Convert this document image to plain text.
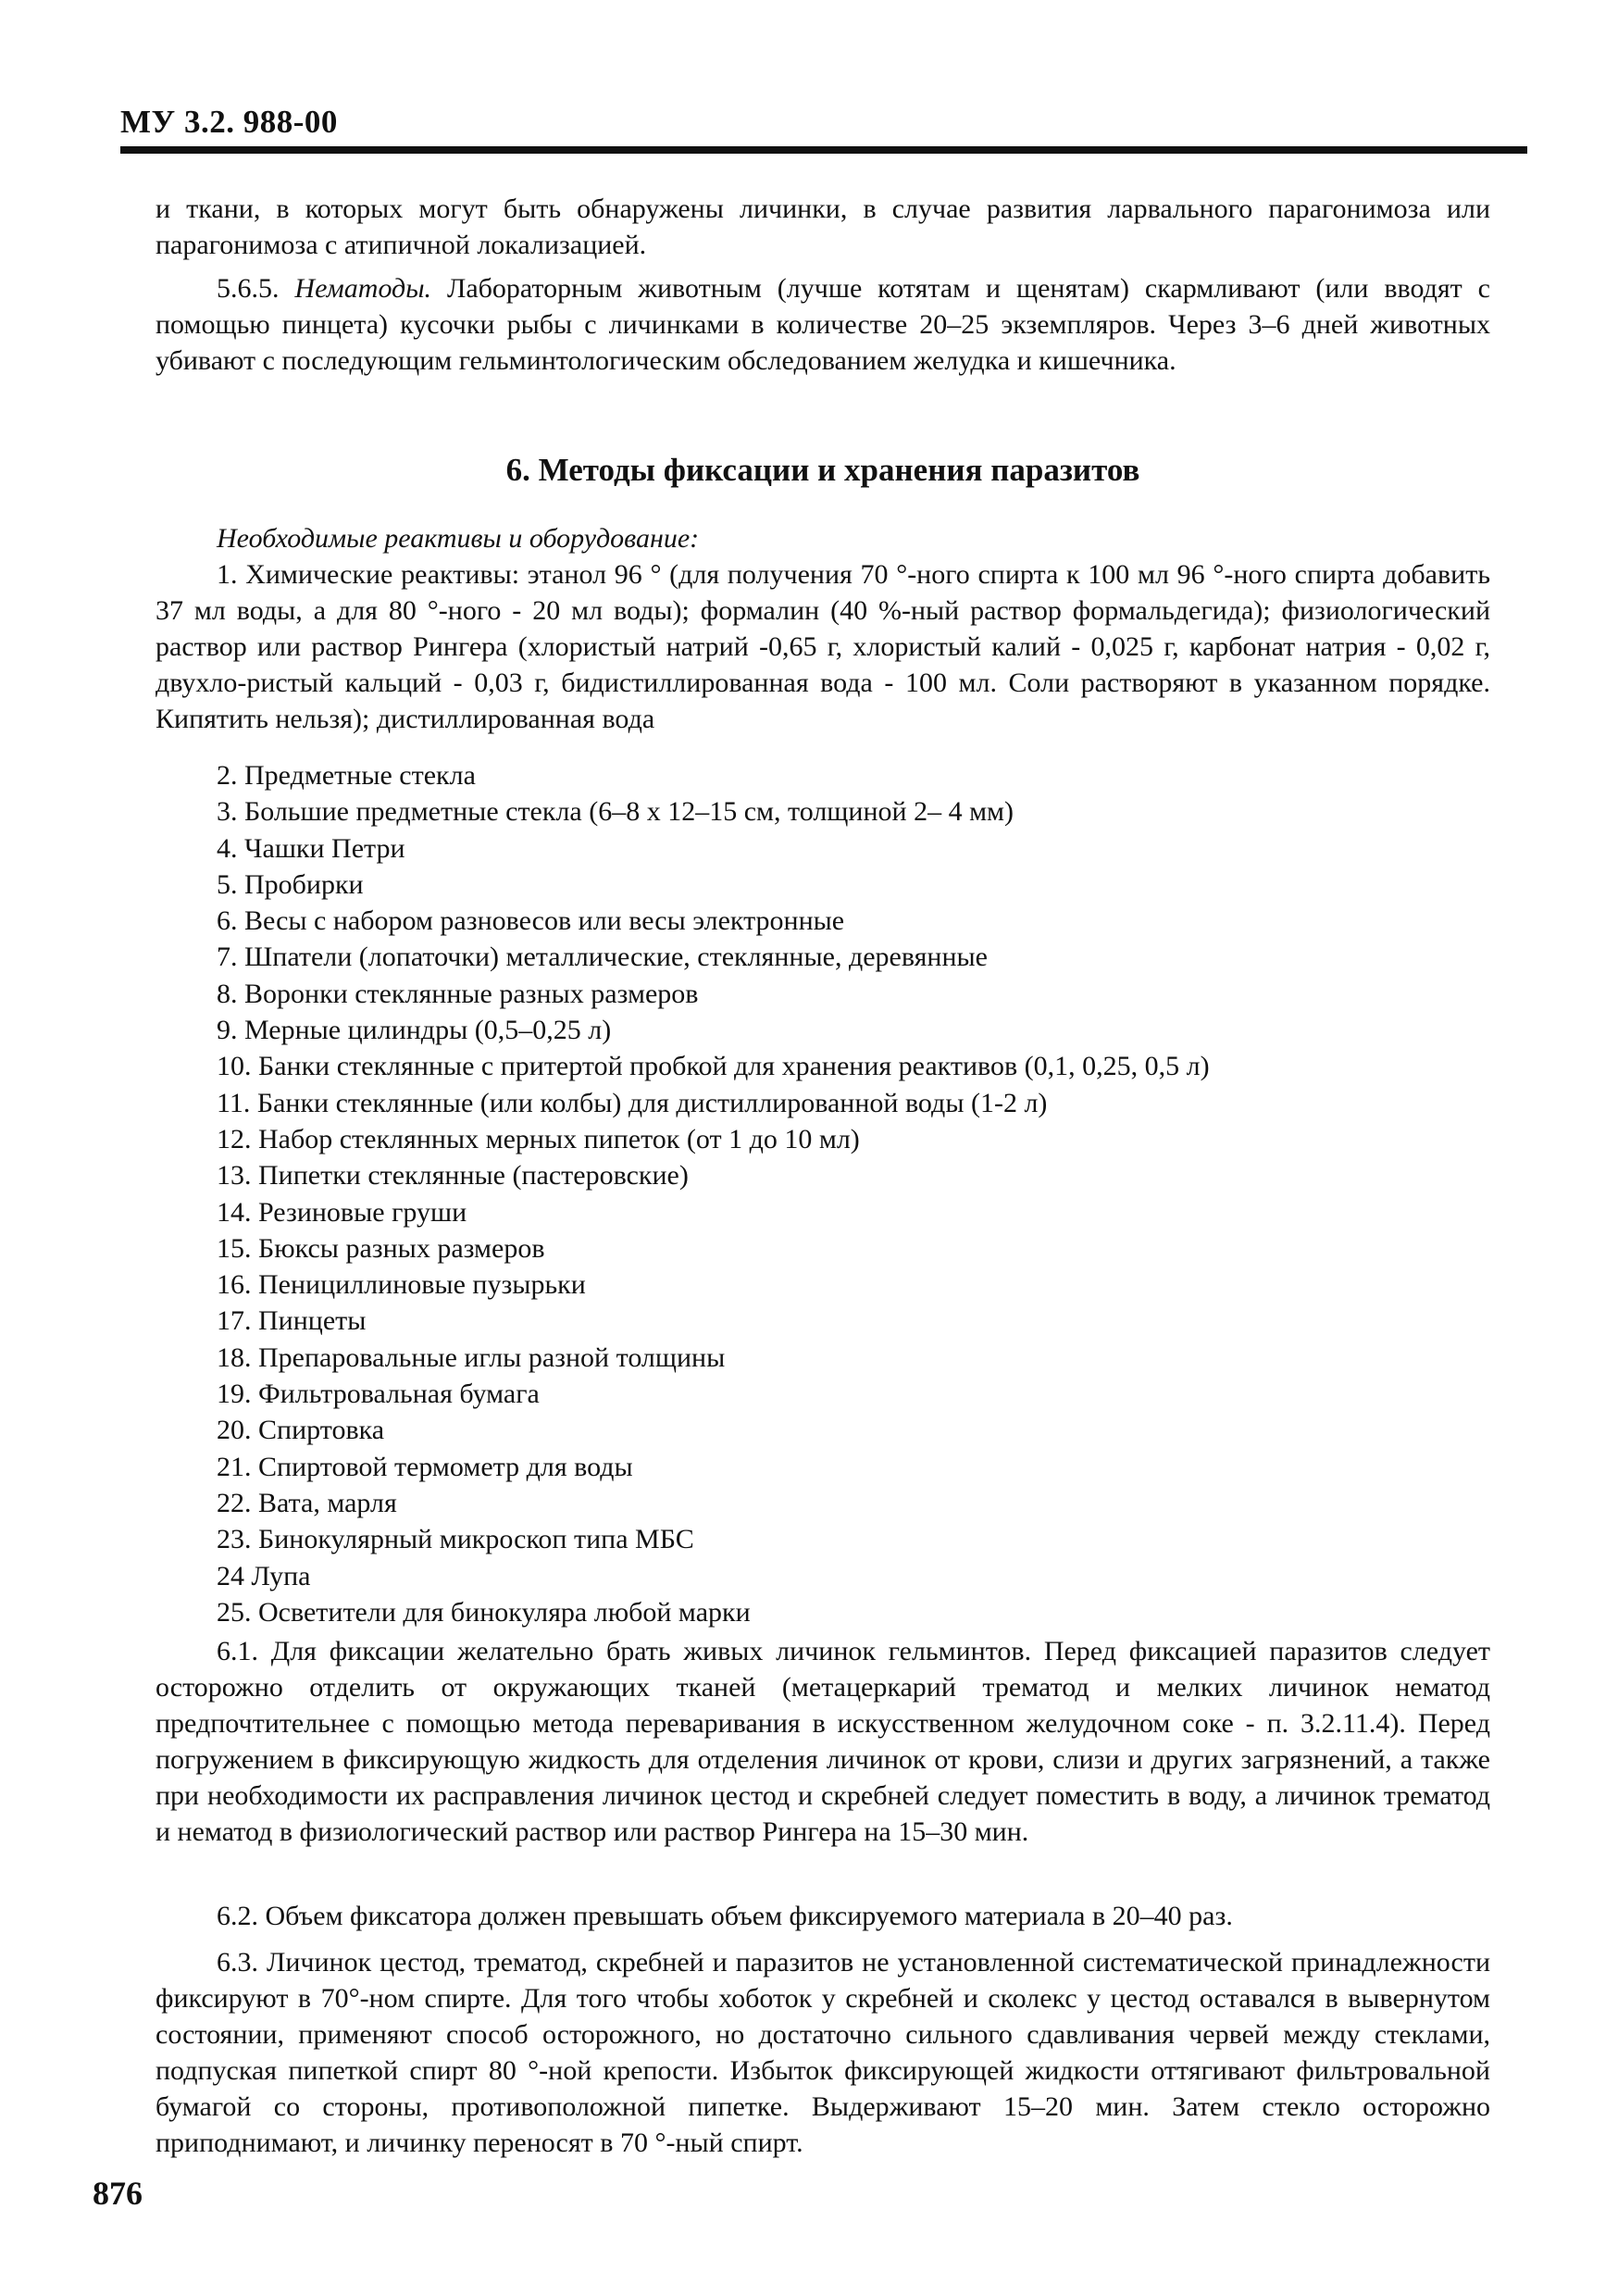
МУ 3.2. 988-00

и ткани, в которых могут быть обнаружены личинки, в случае развития ларвального парагонимоза или парагонимоза с атипичной локализацией.

5.6.5. Нематоды. Лабораторным животным (лучше котятам и щенятам) скармливают (или вводят с помощью пинцета) кусочки рыбы с личинками в количестве 20–25 экземпляров. Через 3–6 дней животных убивают с последующим гельминтологическим обследованием желудка и кишечника.

6. Методы фиксации и хранения паразитов
Необходимые реактивы и оборудование:

1. Химические реактивы: этанол 96 ° (для получения 70 °-ного спирта к 100 мл 96 °-ного спирта добавить 37 мл воды, а для 80 °-ного - 20 мл воды); формалин (40 %-ный раствор формальдегида); физиологический раствор или раствор Рингера (хлористый натрий -0,65 г, хлористый калий - 0,025 г, карбонат натрия - 0,02 г, двухло-ристый кальций - 0,03 г, бидистиллированная вода - 100 мл. Соли растворяют в указанном порядке. Кипятить нельзя); дистиллированная вода

2. Предметные стекла
3. Большие предметные стекла (6–8 х 12–15 см, толщиной 2– 4 мм)
4. Чашки Петри
5. Пробирки
6. Весы с набором разновесов или весы электронные
7. Шпатели (лопаточки) металлические, стеклянные, деревянные
8. Воронки стеклянные разных размеров
9. Мерные цилиндры (0,5–0,25 л)
10. Банки стеклянные с притертой пробкой для хранения реактивов (0,1, 0,25, 0,5 л)
11. Банки стеклянные (или колбы) для дистиллированной воды (1-2 л)
12. Набор стеклянных мерных пипеток (от 1 до 10 мл)
13. Пипетки стеклянные (пастеровские)
14. Резиновые груши
15. Бюксы разных размеров
16. Пенициллиновые пузырьки
17. Пинцеты
18. Препаровальные иглы разной толщины
19. Фильтровальная бумага
20. Спиртовка
21. Спиртовой термометр для воды
22. Вата, марля
23. Бинокулярный микроскоп типа МБС
24 Лупа
25. Осветители для бинокуляра любой марки

6.1. Для фиксации желательно брать живых личинок гельминтов. Перед фиксацией паразитов следует осторожно отделить от окружающих тканей (метацеркарий трематод и мелких личинок нематод предпочтительнее с помощью метода переваривания в искусственном желудочном соке - п. 3.2.11.4). Перед погружением в фиксирующую жидкость для отделения личинок от крови, слизи и других загрязнений, а также при необходимости их расправления личинок цестод и скребней следует поместить в воду, а личинок трематод и нематод в физиологический раствор или раствор Рингера на 15–30 мин.

6.2. Объем фиксатора должен превышать объем фиксируемого материала в 20–40 раз.

6.3. Личинок цестод, трематод, скребней и паразитов не установленной систематической принадлежности фиксируют в 70°-ном спирте. Для того чтобы хоботок у скребней и сколекс у цестод оставался в вывернутом состоянии, применяют способ осторожного, но достаточно сильного сдавливания червей между стеклами, подпуская пипеткой спирт 80 °-ной крепости. Избыток фиксирующей жидкости оттягивают фильтровальной бумагой со стороны, противоположной пипетке. Выдерживают 15–20 мин. Затем стекло осторожно приподнимают, и личинку переносят в 70 °-ный спирт.

876
